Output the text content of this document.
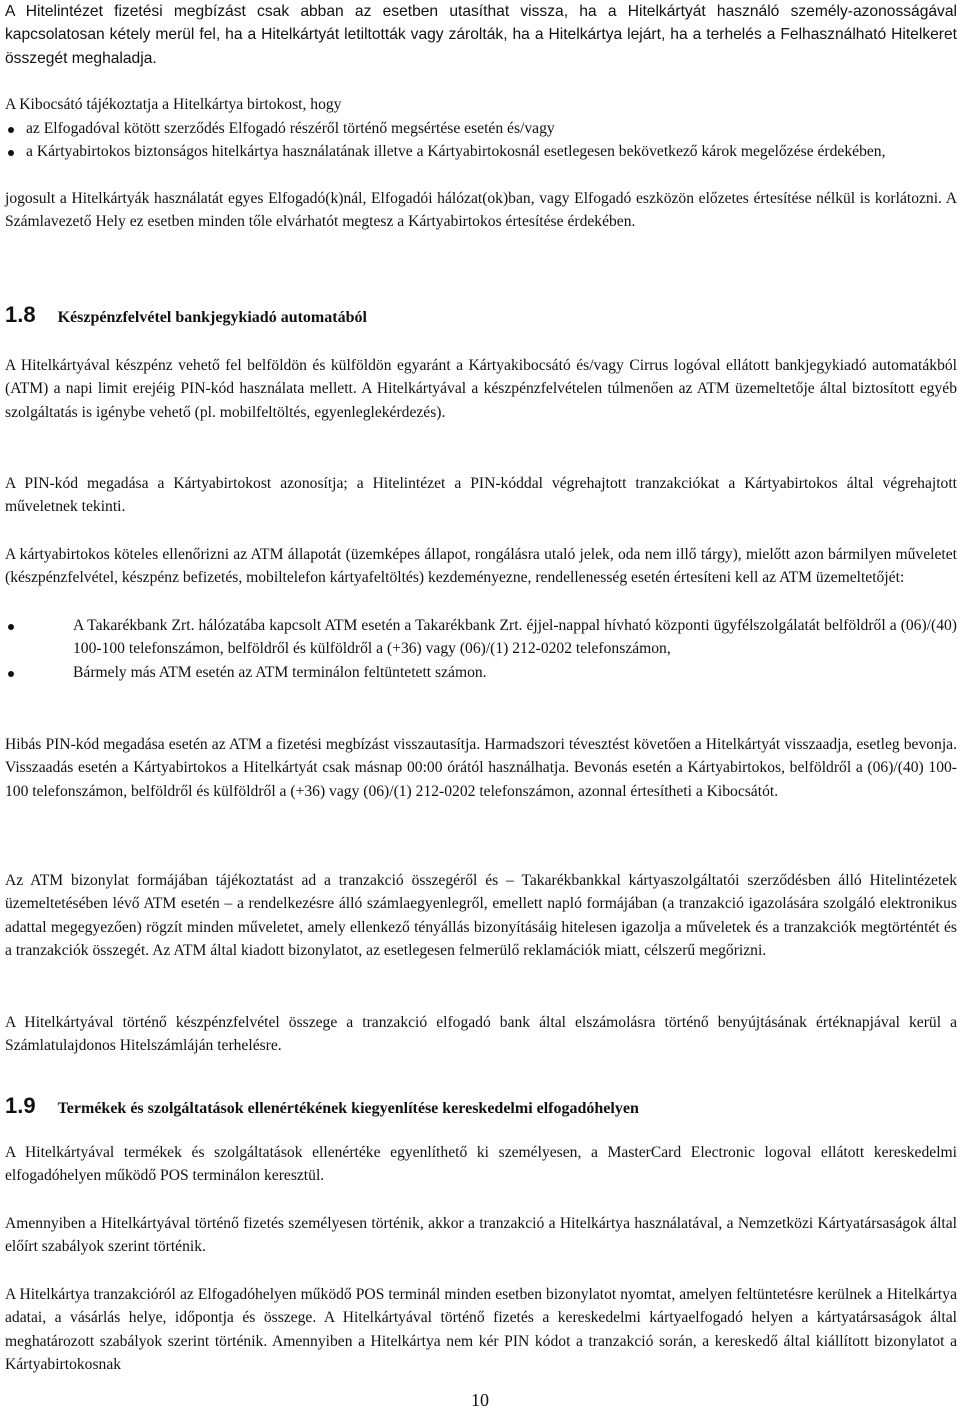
A Hitelintézet fizetési megbízást csak abban az esetben utasíthat vissza, ha a Hitelkártyát használó személy-azonosságával kapcsolatosan kétely merül fel, ha a Hitelkártyát letiltották vagy zárolták, ha a Hitelkártya lejárt, ha a terhelés a Felhasználható Hitelkeret összegét meghaladja.
A Kibocsátó tájékoztatja a Hitelkártya birtokost, hogy
az Elfogadóval kötött szerződés Elfogadó részéről történő megsértése esetén és/vagy
a Kártyabirtokos biztonságos hitelkártya használatának illetve a Kártyabirtokosnál esetlegesen bekövetkező károk megelőzése érdekében,
jogosult a Hitelkártyák használatát egyes Elfogadó(k)nál, Elfogadói hálózat(ok)ban, vagy Elfogadó eszközön előzetes értesítése nélkül is korlátozni. A Számlavezető Hely ez esetben minden tőle elvárhatót megtesz a Kártyabirtokos értesítése érdekében.
1.8 Készpénzfelvétel bankjegykiadó automatából
A Hitelkártyával készpénz vehető fel belföldön és külföldön egyaránt a Kártyakibocsátó és/vagy Cirrus logóval ellátott bankjegykiadó automatákból (ATM) a napi limit erejéig PIN-kód használata mellett. A Hitelkártyával a készpénzfelvételen túlmenően az ATM üzemeltetője által biztosított egyéb szolgáltatás is igénybe vehető (pl. mobilfeltöltés, egyenleglekérdezés).
A PIN-kód megadása a Kártyabirtokost azonosítja; a Hitelintézet a PIN-kóddal végrehajtott tranzakciókat a Kártyabirtokos által végrehajtott műveletnek tekinti.
A kártyabirtokos köteles ellenőrizni az ATM állapotát (üzemképes állapot, rongálásra utaló jelek, oda nem illő tárgy), mielőtt azon bármilyen műveletet (készpénzfelvétel, készpénz befizetés, mobiltelefon kártyafeltöltés) kezdeményezne, rendellenesség esetén értesíteni kell az ATM üzemeltetőjét:
A Takarékbank Zrt. hálózatába kapcsolt ATM esetén a Takarékbank Zrt. éjjel-nappal hívható központi ügyfélszolgálatát belföldről a (06)/(40) 100-100 telefonszámon, belföldről és külföldről a (+36) vagy (06)/(1) 212-0202 telefonszámon,
Bármely más ATM esetén az ATM terminálon feltüntetett számon.
Hibás PIN-kód megadása esetén az ATM a fizetési megbízást visszautasítja. Harmadszori tévesztést követően a Hitelkártyát visszaadja, esetleg bevonja. Visszaadás esetén a Kártyabirtokos a Hitelkártyát csak másnap 00:00 órától használhatja. Bevonás esetén a Kártyabirtokos, belföldről a (06)/(40) 100-100 telefonszámon, belföldről és külföldről a (+36) vagy (06)/(1) 212-0202 telefonszámon, azonnal értesítheti a Kibocsátót.
Az ATM bizonylat formájában tájékoztatást ad a tranzakció összegéről és – Takarékbankkal kártyaszolgáltatói szerződésben álló Hitelintézetek üzemeltetésében lévő ATM esetén – a rendelkezésre álló számlaegyenlegről, emellett napló formájában (a tranzakció igazolására szolgáló elektronikus adattal megegyezően) rögzít minden műveletet, amely ellenkező tényállás bizonyításáig hitelesen igazolja a műveletek és a tranzakciók megtörténtét és a tranzakciók összegét. Az ATM által kiadott bizonylatot, az esetlegesen felmerülő reklamációk miatt, célszerű megőrizni.
A Hitelkártyával történő készpénzfelvétel összege a tranzakció elfogadó bank által elszámolásra történő benyújtásának értéknapjával kerül a Számlatulajdonos Hitelszámláján terhelésre.
1.9 Termékek és szolgáltatások ellenértékének kiegyenlítése kereskedelmi elfogadóhelyen
A Hitelkártyával termékek és szolgáltatások ellenértéke egyenlíthető ki személyesen, a MasterCard Electronic logoval ellátott kereskedelmi elfogadóhelyen működő POS terminálon keresztül.
Amennyiben a Hitelkártyával történő fizetés személyesen történik, akkor a tranzakció a Hitelkártya használatával, a Nemzetközi Kártyatársaságok által előírt szabályok szerint történik.
A Hitelkártya tranzakcióról az Elfogadóhelyen működő POS terminál minden esetben bizonylatot nyomtat, amelyen feltüntetésre kerülnek a Hitelkártya adatai, a vásárlás helye, időpontja és összege. A Hitelkártyával történő fizetés a kereskedelmi kártyaelfogadó helyen a kártyatársaságok által meghatározott szabályok szerint történik. Amennyiben a Hitelkártya nem kér PIN kódot a tranzakció során, a kereskedő által kiállított bizonylatot a Kártyabirtokosnak
10
